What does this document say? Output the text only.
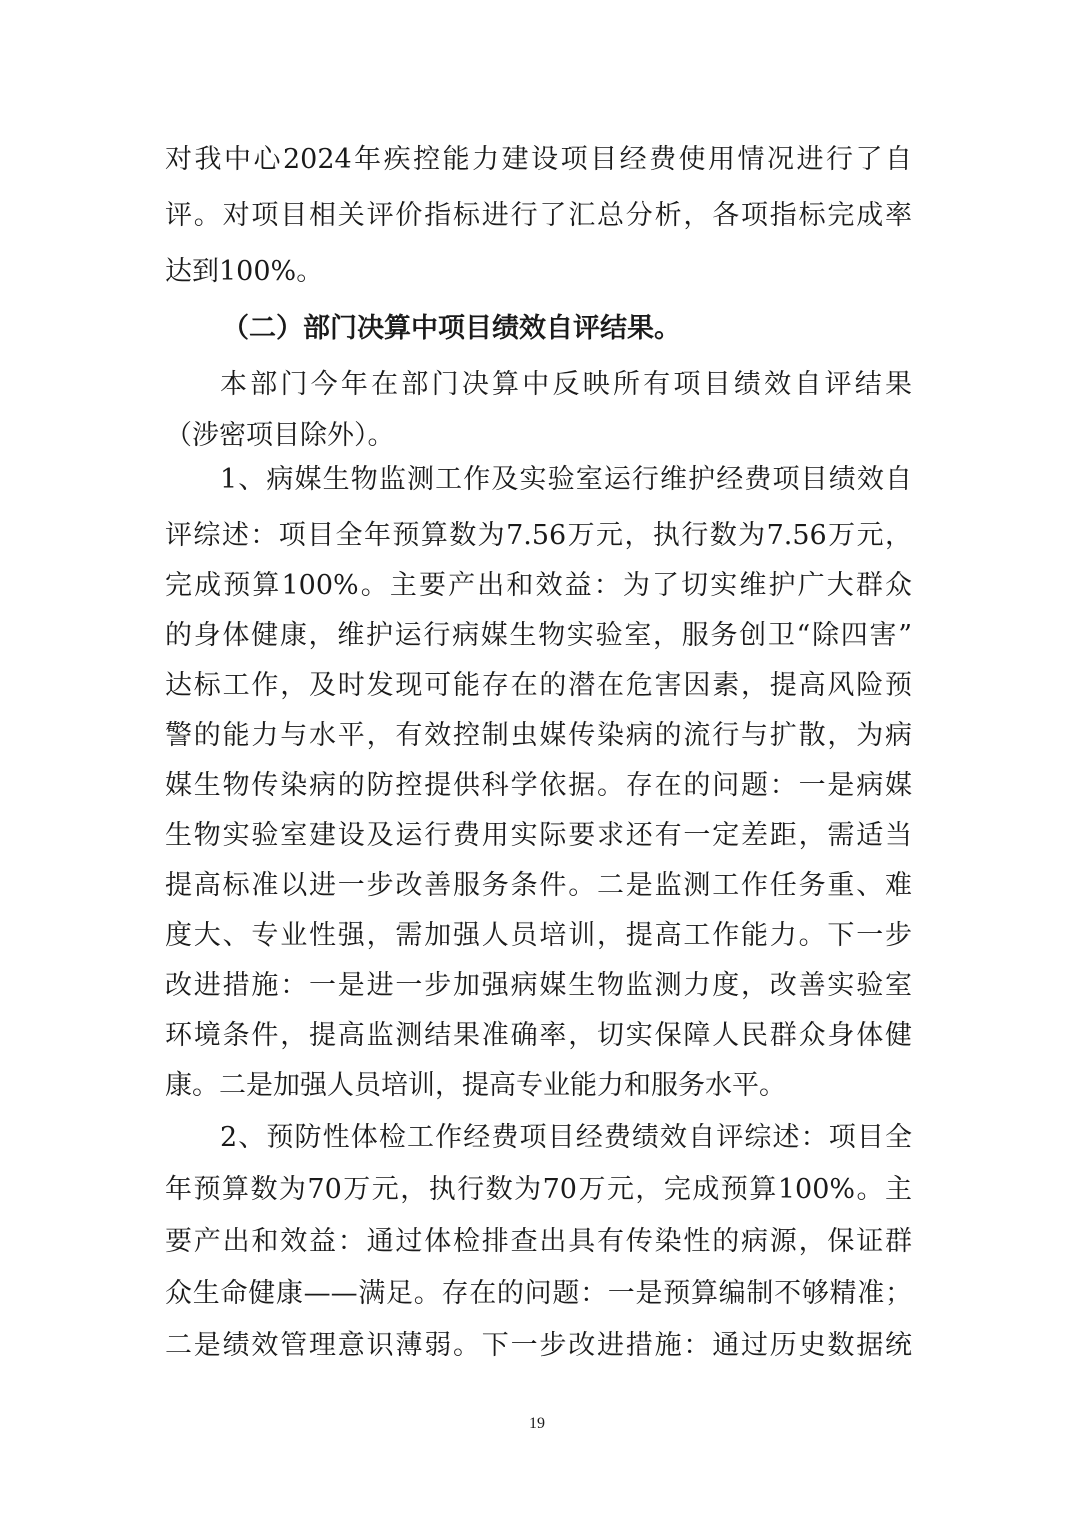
对我中心2024年疾控能力建设项目经费使用情况进行了自
评。对项目相关评价指标进行了汇总分析，各项指标完成率
达到100%。
（二）部门决算中项目绩效自评结果。
本部门今年在部门决算中反映所有项目绩效自评结果
（涉密项目除外）。
1、病媒生物监测工作及实验室运行维护经费项目绩效自
评综述：项目全年预算数为7.56万元，执行数为7.56万元，
完成预算100%。主要产出和效益：为了切实维护广大群众
的身体健康，维护运行病媒生物实验室，服务创卫“除四害”
达标工作，及时发现可能存在的潜在危害因素，提高风险预
警的能力与水平，有效控制虫媒传染病的流行与扩散，为病
媒生物传染病的防控提供科学依据。存在的问题：一是病媒
生物实验室建设及运行费用实际要求还有一定差距，需适当
提高标准以进一步改善服务条件。二是监测工作任务重、难
度大、专业性强，需加强人员培训，提高工作能力。下一步
改进措施：一是进一步加强病媒生物监测力度，改善实验室
环境条件，提高监测结果准确率，切实保障人民群众身体健
康。二是加强人员培训，提高专业能力和服务水平。
2、预防性体检工作经费项目经费绩效自评综述：项目全
年预算数为70万元，执行数为70万元，完成预算100%。主
要产出和效益：通过体检排查出具有传染性的病源，保证群
众生命健康——满足。存在的问题：一是预算编制不够精准；
二是绩效管理意识薄弱。下一步改进措施：通过历史数据统
19
